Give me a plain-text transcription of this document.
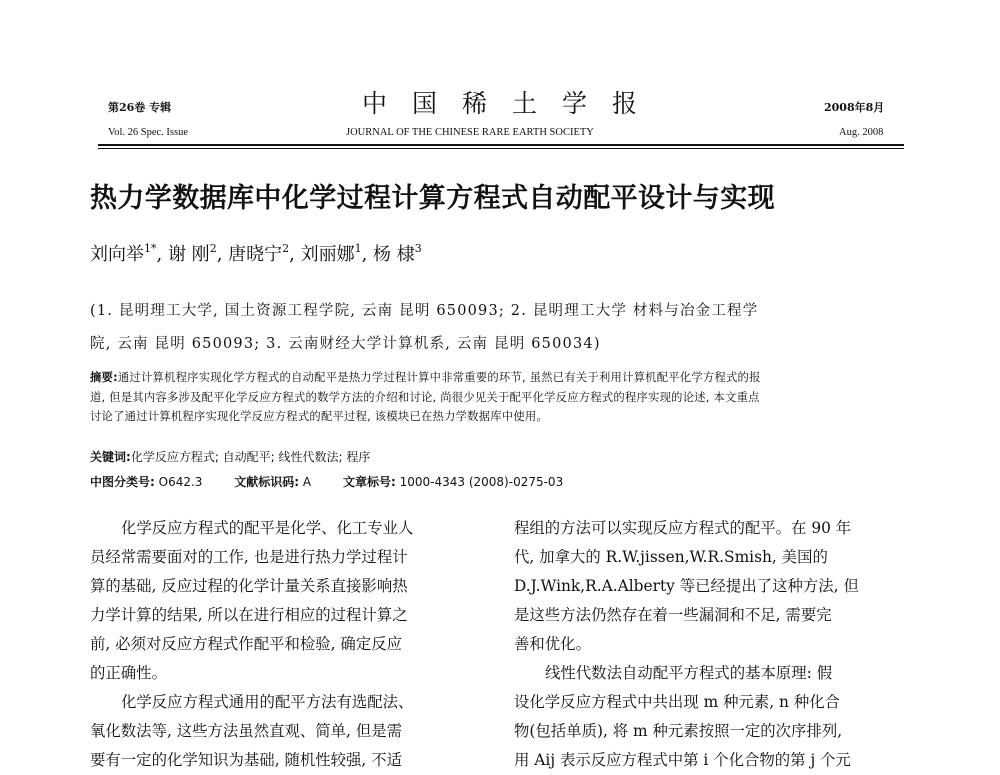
第26卷 专辑	中国稀土学报	2008年8月
Vol. 26 Spec. Issue	JOURNAL OF THE CHINESE RARE EARTH SOCIETY	Aug. 2008
热力学数据库中化学过程计算方程式自动配平设计与实现
刘向举$^{1*}$, 谢 刚$^2$, 唐晓宁$^2$, 刘丽娜$^1$, 杨 棣$^3$
(1. 昆明理工大学, 国土资源工程学院, 云南 昆明 650093; 2. 昆明理工大学 材料与冶金工程学
院, 云南 昆明 650093; 3. 云南财经大学计算机系, 云南 昆明 650034)
摘要:通过计算机程序实现化学方程式的自动配平是热力学过程计算中非常重要的环节, 虽然已有关于利用计算机配平化学方程式的报
道, 但是其内容多涉及配平化学反应方程式的数学方法的介绍和讨论, 尚很少见关于配平化学反应方程式的程序实现的论述, 本文重点
讨论了通过计算机程序实现化学反应方程式的配平过程, 该模块已在热力学数据库中使用。
关键词:化学反应方程式; 自动配平; 线性代数法; 程序
中图分类号: O642.3	文献标识码: A	文章标号: 1000-4343 (2008)-0275-03
化学反应方程式的配平是化学、化工专业人
员经常需要面对的工作, 也是进行热力学过程计
算的基础, 反应过程的化学计量关系直接影响热
力学计算的结果, 所以在进行相应的过程计算之
前, 必须对反应方程式作配平和检验, 确定反应
的正确性。
化学反应方程式通用的配平方法有选配法、
氧化数法等, 这些方法虽然直观、简单, 但是需
要有一定的化学知识为基础, 随机性较强, 不适
程组的方法可以实现反应方程式的配平。在 90 年
代, 加拿大的 R.W.jissen,W.R.Smish, 美国的
D.J.Wink,R.A.Alberty 等已经提出了这种方法, 但
是这些方法仍然存在着一些漏洞和不足, 需要完
善和优化。
线性代数法自动配平方程式的基本原理: 假
设化学反应方程式中共出现 m 种元素, n 种化合
物(包括单质), 将 m 种元素按照一定的次序排列,
用 Aij 表示反应方程式中第 i 个化合物的第 j 个元
